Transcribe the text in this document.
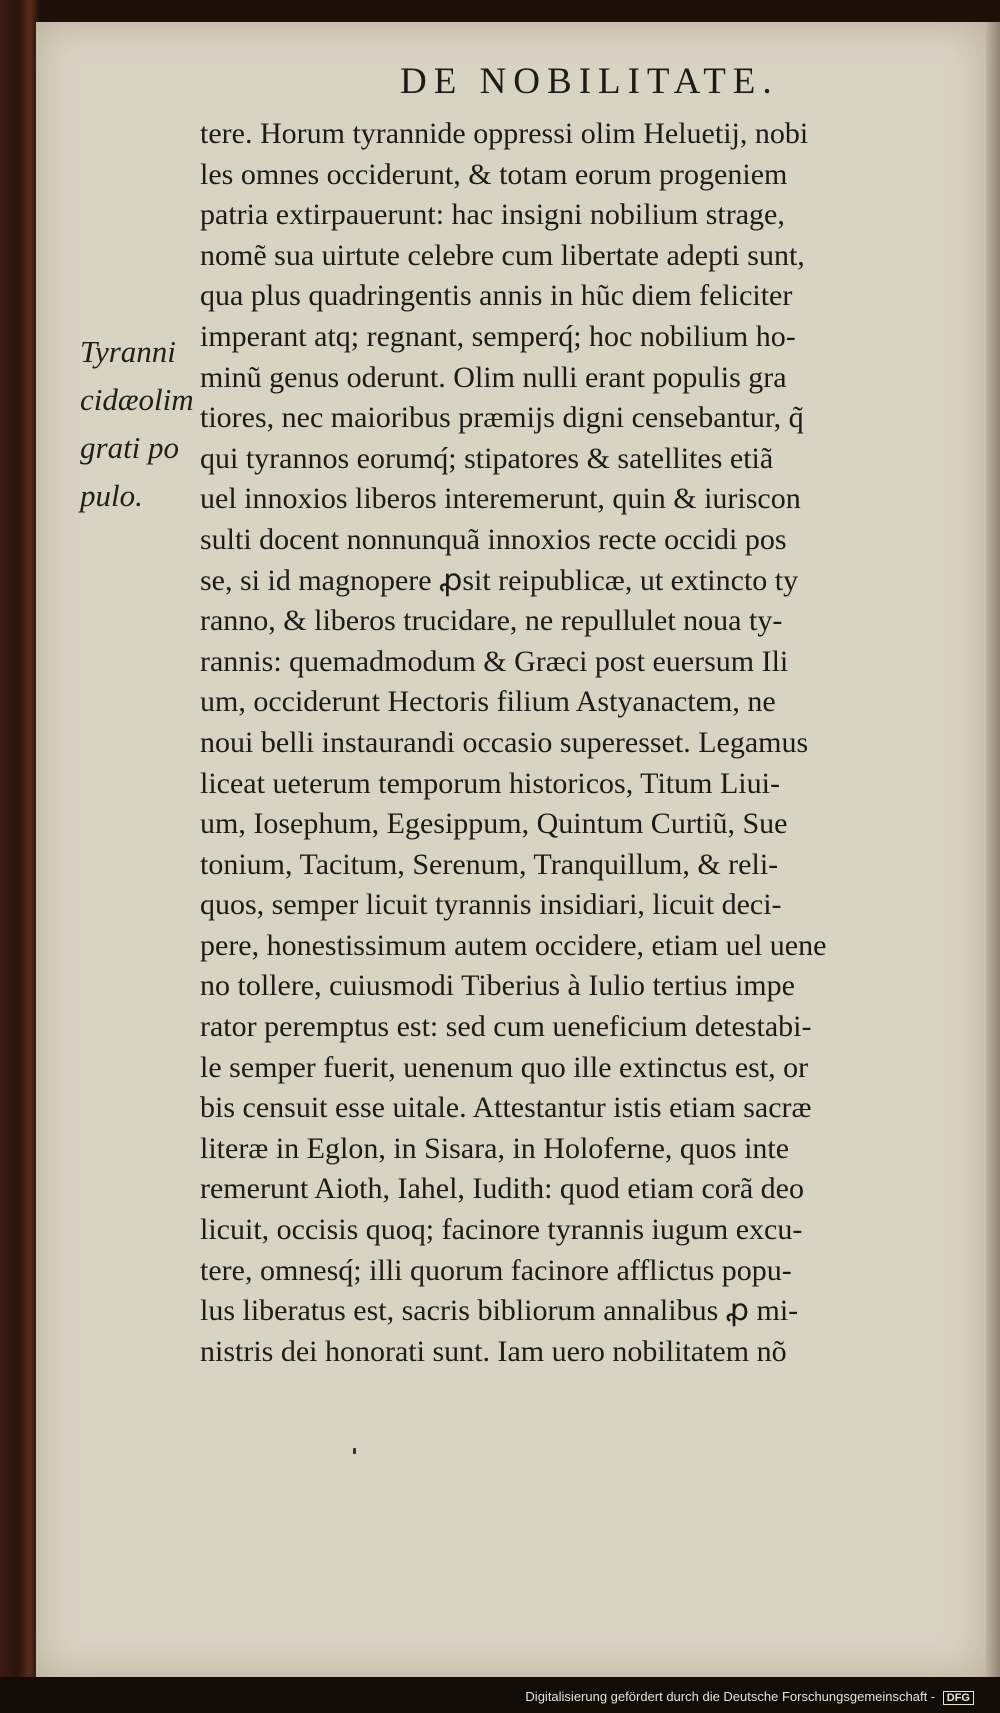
DE NOBILITATE.
Tyranni
cidæolim
grati po
pulo.
tere. Horum tyrannide oppressi olim Heluetij, nobi
les omnes occiderunt, & totam eorum progeniem
patria extirpauerunt: hac insigni nobilium strage,
nomẽ sua uirtute celebre cum libertate adepti sunt,
qua plus quadringentis annis in hũc diem feliciter
imperant atq; regnant, semperq́; hoc nobilium ho-
minũ genus oderunt. Olim nulli erant populis gra
tiores, nec maioribus præmijs digni censebantur, q̃
qui tyrannos eorumq́; stipatores & satellites etiã
uel innoxios liberos interemerunt, quin & iuriscon
sulti docent nonnunquã innoxios recte occidi pos
se, si id magnopere ꝓsit reipublicæ, ut extincto ty
ranno, & liberos trucidare, ne repullulet noua ty-
rannis: quemadmodum & Græci post euersum Ili
um, occiderunt Hectoris filium Astyanactem, ne
noui belli instaurandi occasio superesset. Legamus
liceat ueterum temporum historicos, Titum Liui-
um, Iosephum, Egesippum, Quintum Curtiũ, Sue
tonium, Tacitum, Serenum, Tranquillum, & reli-
quos, semper licuit tyrannis insidiari, licuit deci-
pere, honestissimum autem occidere, etiam uel uene
no tollere, cuiusmodi Tiberius à Iulio tertius impe
rator peremptus est: sed cum ueneficium detestabi-
le semper fuerit, uenenum quo ille extinctus est, or
bis censuit esse uitale. Attestantur istis etiam sacræ
literæ in Eglon, in Sisara, in Holoferne, quos inte
remerunt Aioth, Iahel, Iudith: quod etiam corã deo
licuit, occisis quoq; facinore tyrannis iugum excu-
tere, omnesq́; illi quorum facinore afflictus popu-
lus liberatus est, sacris bibliorum annalibus ꝓ mi-
nistris dei honorati sunt. Iam uero nobilitatem nõ
Digitalisierung gefördert durch die Deutsche Forschungsgemeinschaft - DFG
